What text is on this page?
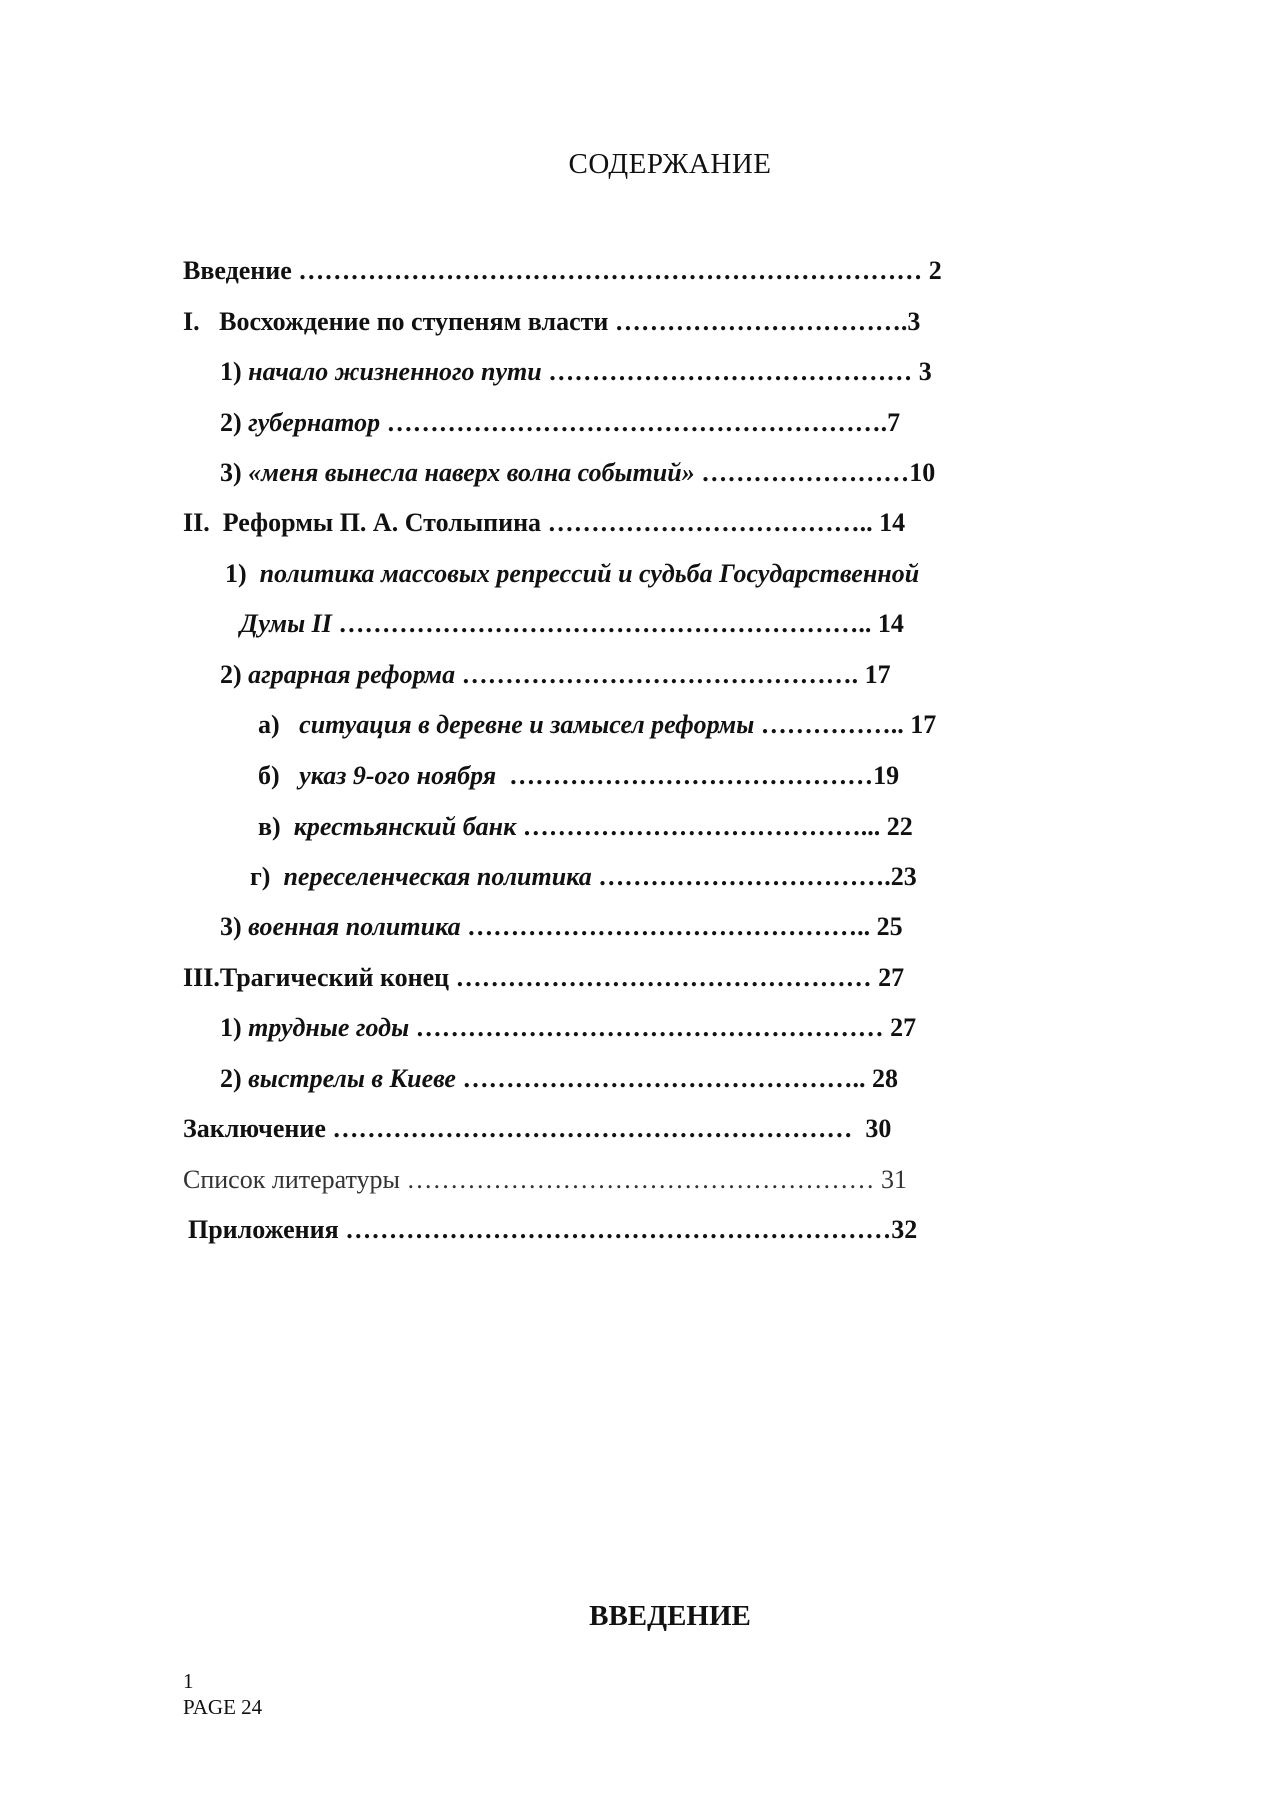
СОДЕРЖАНИЕ
Введение ……………………………………………………………… 2
I.   Восхождение по ступеням власти …………………………….3
1) начало жизненного пути …………………………………… 3
2) губернатор ………………………………………………….7
3) «меня вынесла наверх волна событий» ……………………10
II.  Реформы П. А. Столыпина ……………………………….. 14
1)  политика массовых репрессий и судьба Государственной
Думы II …………………………………………………….. 14
2) аграрная реформа ………………………………………. 17
а)   ситуация в деревне и замысел реформы …………….. 17
б)   указ 9-ого ноября  ……………………………………19
в)  крестьянский банк …………………………………... 22
г)  переселенческая политика …………………………….23
3) военная политика ……………………………………….. 25
III.Трагический конец ………………………………………… 27
1) трудные годы ……………………………………………… 27
2) выстрелы в Киеве ……………………………………….. 28
Заключение ……………………………………………………  30
Список литературы ……………………………………………… 31
Приложения ………………………………………………………32
ВВЕДЕНИЕ
1
PAGE 24
